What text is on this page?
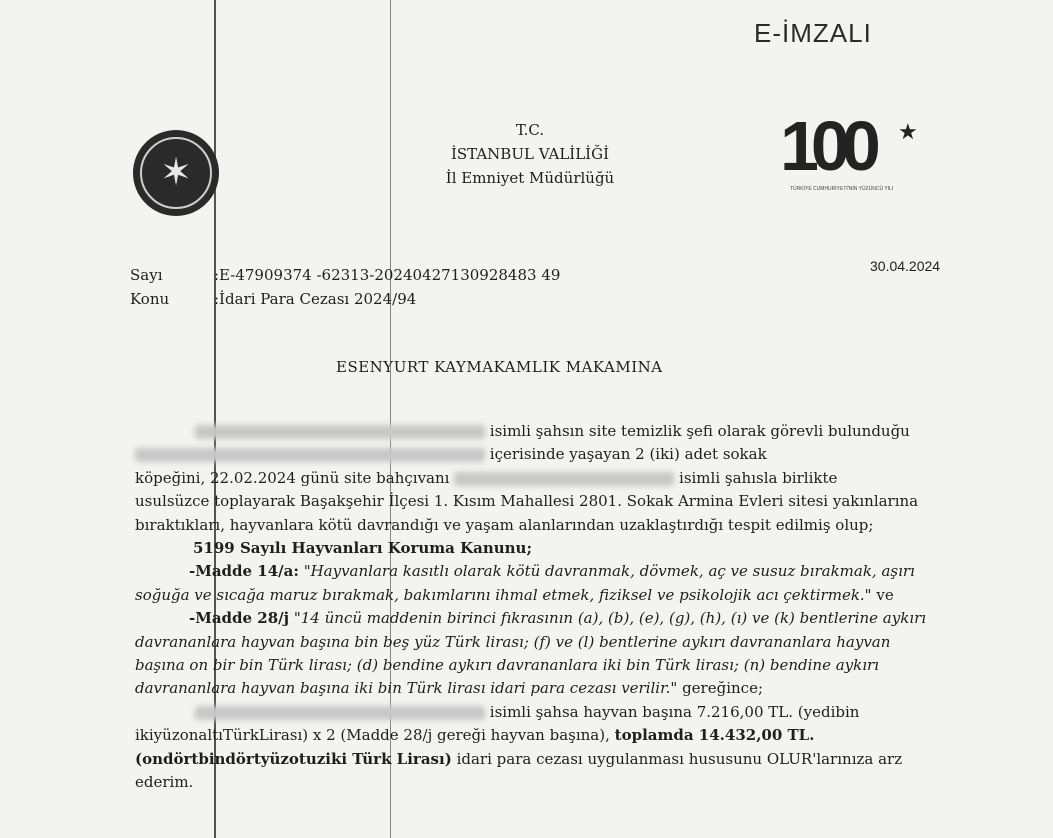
E-İMZALI
✶	100 ★
TÜRKİYE CUMHURİYETİ'NİN YÜZÜNCÜ YILI
T.C.
İSTANBUL VALİLİĞİ
İl Emniyet Müdürlüğü
Sayı	:E-47909374 -62313-20240427130928483 49
Konu	:İdari Para Cezası 2024/94
30.04.2024
ESENYURT KAYMAKAMLIK MAKAMINA
isimli şahsın site temizlik şefi olarak görevli bulunduğu
içerisinde yaşayan 2 (iki) adet sokak
köpeğini, 22.02.2024 günü site bahçıvanı	isimli şahısla birlikte
usulsüzce toplayarak Başakşehir İlçesi 1. Kısım Mahallesi 2801. Sokak Armina Evleri sitesi yakınlarına
bıraktıkları, hayvanlara kötü davrandığı ve yaşam alanlarından uzaklaştırdığı tespit edilmiş olup;
5199 Sayılı Hayvanları Koruma Kanunu;
-Madde 14/a: "Hayvanlara kasıtlı olarak kötü davranmak, dövmek, aç ve susuz bırakmak, aşırı
soğuğa ve sıcağa maruz bırakmak, bakımlarını ihmal etmek, fiziksel ve psikolojik acı çektirmek." ve
-Madde 28/j "14 üncü maddenin birinci fıkrasının (a), (b), (e), (g), (h), (ı) ve (k) bentlerine aykırı
davrananlara hayvan başına bin beş yüz Türk lirası; (f) ve (l) bentlerine aykırı davrananlara hayvan
başına on bir bin Türk lirası; (d) bendine aykırı davrananlara iki bin Türk lirası; (n) bendine aykırı
davrananlara hayvan başına iki bin Türk lirası idari para cezası verilir." gereğince;
isimli şahsa hayvan başına 7.216,00 TL. (yedibin
ikiyüzonaltıTürkLirası) x 2 (Madde 28/j gereği hayvan başına), toplamda 14.432,00 TL.
(ondörtbindörtyüzotuziki Türk Lirası) idari para cezası uygulanması hususunu OLUR'larınıza arz
ederim.
